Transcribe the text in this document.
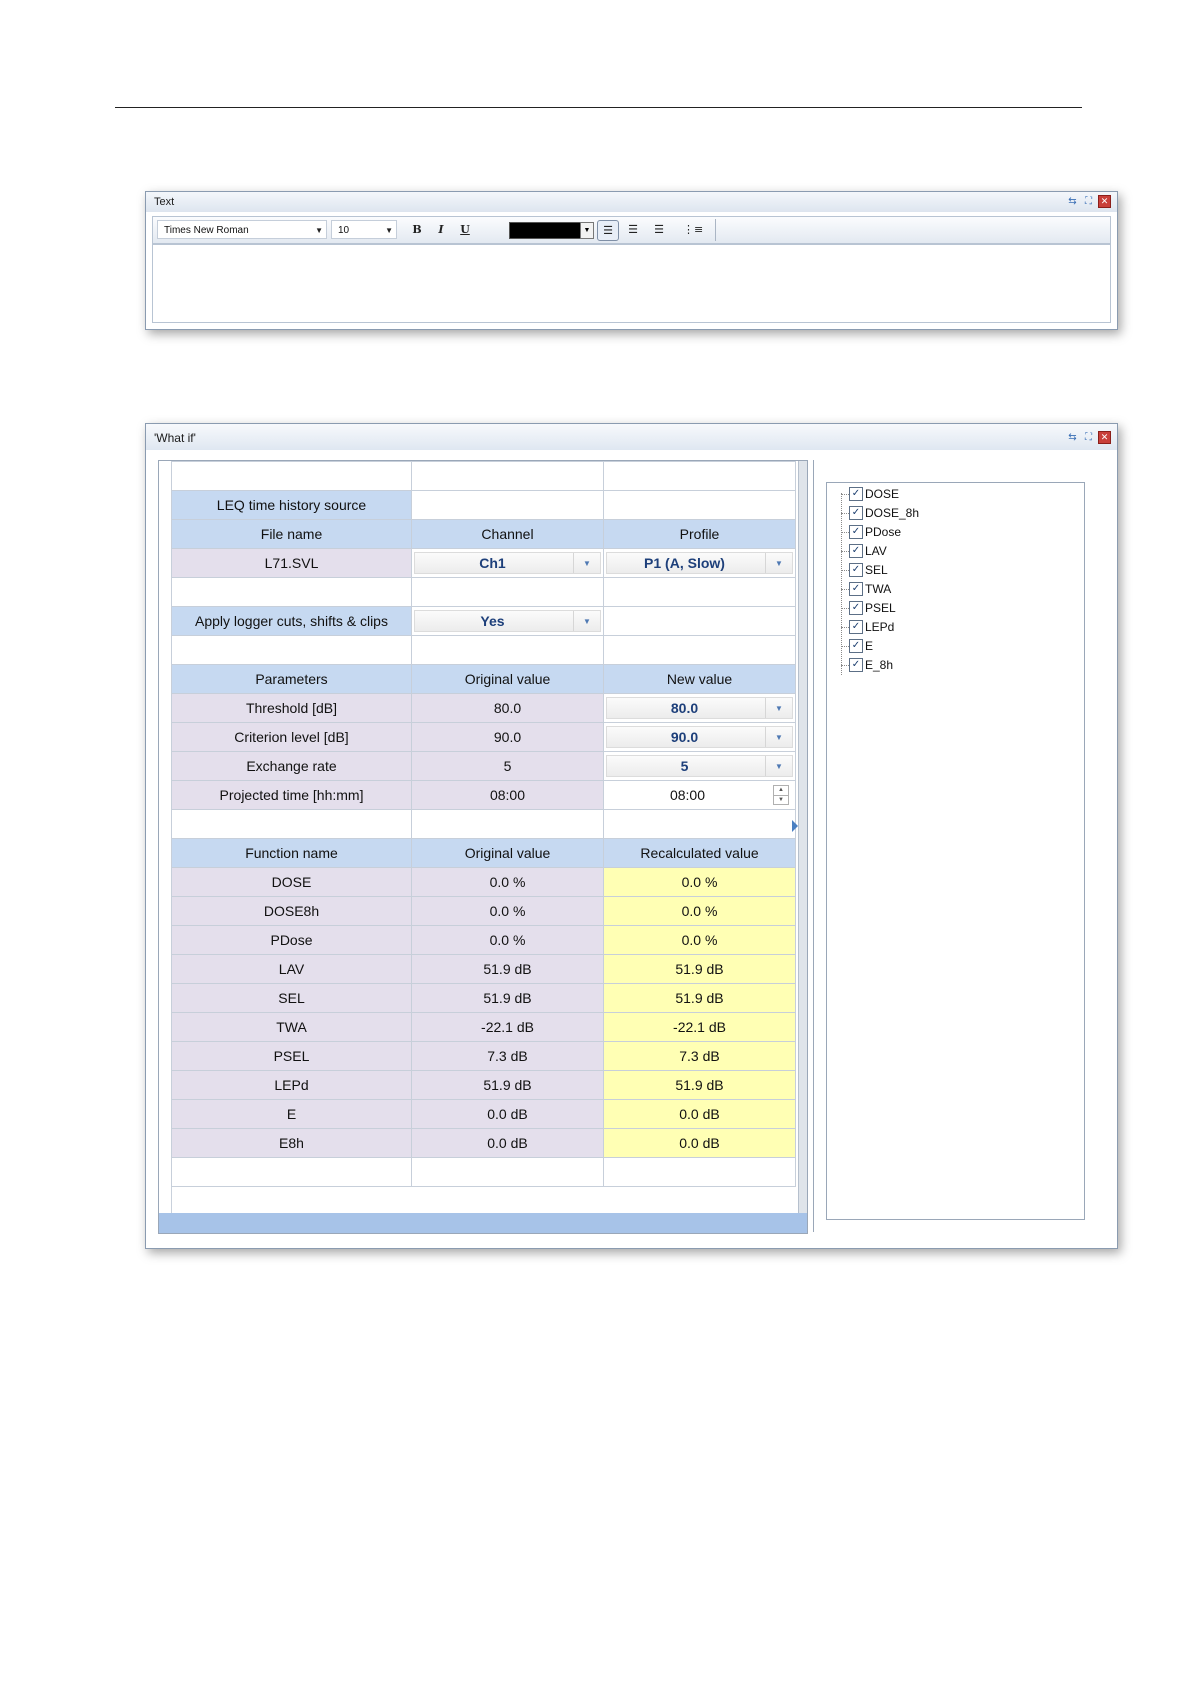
Text	⇆ ⛶ ✕
Times New Roman	▼	10	▼	B	I	U	▼	☰	☰	☰	⋮≡
'What if'	⇆ ⛶ ✕

LEQ time history source		
File name	Channel	Profile
L71.SVL	Ch1 ▼	P1 (A, Slow) ▼

Apply logger cuts, shifts & clips	Yes ▼	

Parameters	Original value	New value
Threshold [dB]	80.0	80.0 ▼

Criterion level [dB]	90.0	90.0 ▼

Exchange rate	5	5 ▼

Projected time [hh:mm]	08:00	08:00 ▲
▼

Function name	Original value	Recalculated value
DOSE	0.0 %	0.0 %
DOSE8h	0.0 %	0.0 %
PDose	0.0 %	0.0 %
LAV	51.9 dB	51.9 dB
SEL	51.9 dB	51.9 dB
TWA	-22.1 dB	-22.1 dB
PSEL	7.3 dB	7.3 dB
LEPd	51.9 dB	51.9 dB
E	0.0 dB	0.0 dB
E8h	0.0 dB	0.0 dB

✓ DOSE
✓ DOSE_8h
✓ PDose
✓ LAV
✓ SEL
✓ TWA
✓ PSEL
✓ LEPd
✓ E
✓ E_8h
